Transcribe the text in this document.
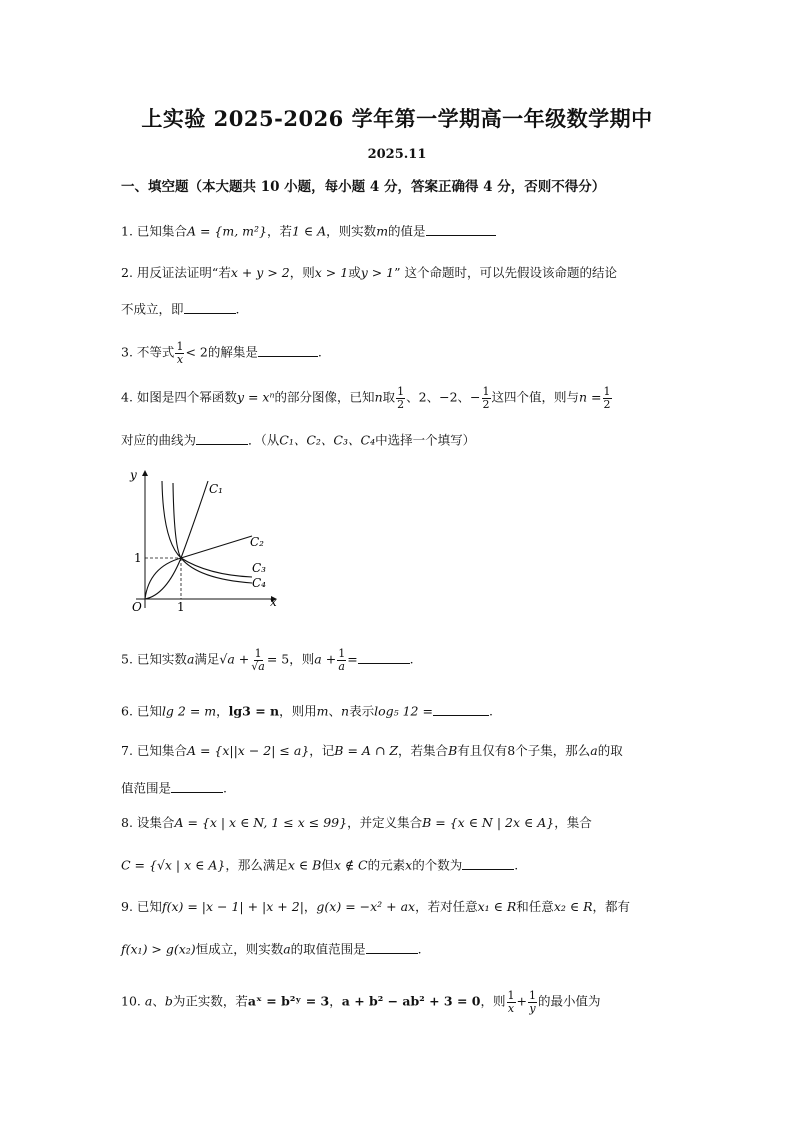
上实验 2025-2026 学年第一学期高一年级数学期中
2025.11
一、填空题（本大题共 10 小题，每小题 4 分，答案正确得 4 分，否则不得分）
1. 已知集合A = {m, m²}，若1 ∈ A，则实数m的值是
2. 用反证法证明“若x + y > 2，则x > 1或y > 1” 这个命题时，可以先假设该命题的结论
不成立，即	.
3. 不等式 $\frac{1}{x} < 2$的解集是	.
4. 如图是四个幂函数y = xⁿ的部分图像，已知n取 $\frac{1}{2}$ 、2、−2、− $\frac{1}{2}$ 这四个值，则与$n = \frac{1}{2}$
对应的曲线为	．（从C₁、C₂、C₃、C₄中选择一个填写）
y
x
O	1
1
C₁
C₂
C₃
C₄
5. 已知实数a满足$√a + \frac{1}{√a} = 5$，则$a + \frac{1}{a}$ =	.
6. 已知lg 2 = m，lg3 = n，则用m、n表示log₅ 12 =	.
7. 已知集合A = {x||x − 2| ≤ a}，记B = A ∩ Z，若集合B有且仅有8个子集，那么a的取
值范围是	.
8. 设集合A = {x | x ∈ N, 1 ≤ x ≤ 99}，并定义集合B = {x ∈ N | 2x ∈ A}，集合
C = {√x | x ∈ A}，那么满足x ∈ B但x ∉ C的元素x的个数为	.
9. 已知f(x) = |x − 1| + |x + 2|，g(x) = −x² + ax，若对任意x₁ ∈ R和任意x₂ ∈ R，都有
f(x₁) > g(x₂)恒成立，则实数a的取值范围是	.
10. a、b为正实数，若aˣ = b²ʸ = 3，a + b² − ab² + 3 = 0，则 $\frac{1}{x} + \frac{1}{y}$ 的最小值为
